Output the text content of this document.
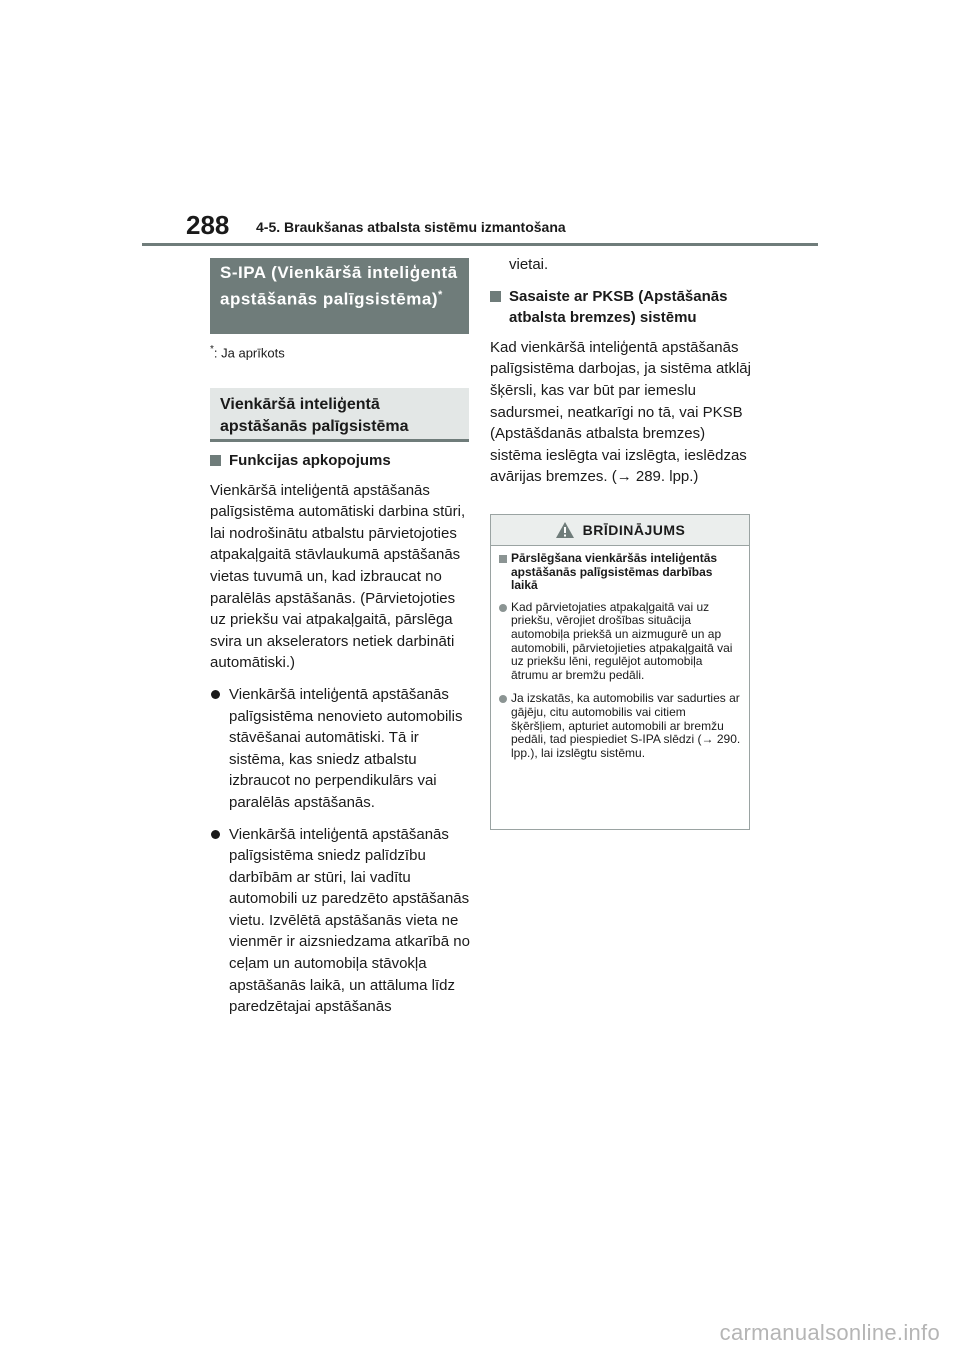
288 4-5. Braukšanas atbalsta sistēmu izmantošana
S-IPA (Vienkāršā inteliģentā apstāšanās palīgsistēma)*
*: Ja aprīkots
Vienkāršā inteliģentā apstāšanās palīgsistēma
Funkcijas apkopojums

Vienkāršā inteliģentā apstāšanās palīgsistēma automātiski darbina stūri, lai nodrošinātu atbalstu pārvietojoties atpakaļgaitā stāvlaukumā apstāšanās vietas tuvumā un, kad izbraucat no paralēlās apstāšanās. (Pārvietojoties uz priekšu vai atpakaļgaitā, pārslēga svira un akselerators netiek darbināti automātiski.)

Vienkāršā inteliģentā apstāšanās palīgsistēma nenovieto automobilis stāvēšanai automātiski. Tā ir sistēma, kas sniedz atbalstu izbraucot no perpendikulārs vai paralēlās apstāšanās.
Vienkāršā inteliģentā apstāšanās palīgsistēma sniedz palīdzību darbībām ar stūri, lai vadītu automobili uz paredzēto apstāšanās vietu. Izvēlētā apstāšanās vieta ne vienmēr ir aizsniedzama atkarībā no ceļam un automobiļa stāvokļa apstāšanās laikā, un attāluma līdz paredzētajai apstāšanās

vietai.

Sasaiste ar PKSB (Apstāšanās atbalsta bremzes) sistēmu

Kad vienkāršā inteliģentā apstāšanās palīgsistēma darbojas, ja sistēma atklāj šķērsli, kas var būt par iemeslu sadursmei, neatkarīgi no tā, vai PKSB (Apstāšdanās atbalsta bremzes) sistēma ieslēgta vai izslēgta, ieslēdzas avārijas bremzes. (→ 289. lpp.)

BRĪDINĀJUMS
Pārslēgšana vienkāršās inteliģentās apstāšanās palīgsistēmas darbības laikā
Kad pārvietojaties atpakaļgaitā vai uz priekšu, vērojiet drošības situācija automobiļa priekšā un aizmugurē un ap automobili, pārvietojieties atpakaļgaitā vai uz priekšu lēni, regulējot automobiļa ātrumu ar bremžu pedāli.
Ja izskatās, ka automobilis var sadurties ar gājēju, citu automobilis vai citiem šķēršļiem, apturiet automobili ar bremžu pedāli, tad piespiediet S-IPA slēdzi (→ 290. lpp.), lai izslēgtu sistēmu.
carmanualsonline.info
